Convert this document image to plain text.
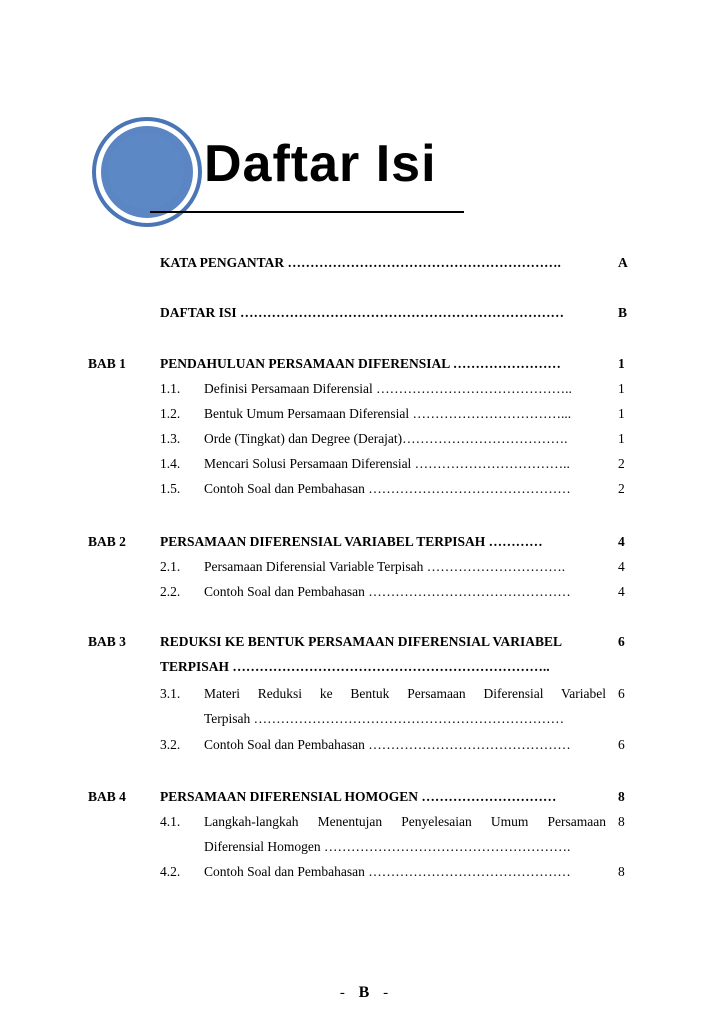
Daftar Isi
KATA PENGANTAR …………………………………………………….	A
DAFTAR ISI ………………………………………………………………	B
BAB 1	PENDAHULUAN PERSAMAAN DIFERENSIAL ……………………	1
1.1. Definisi Persamaan Diferensial ……………………………………..	1
1.2. Bentuk Umum Persamaan Diferensial ……………………………...	1
1.3. Orde (Tingkat) dan Degree (Derajat)……………………………….	1
1.4. Mencari Solusi Persamaan Diferensial ……………………………..	2
1.5. Contoh Soal dan Pembahasan ………………………………………	2
BAB 2	PERSAMAAN DIFERENSIAL VARIABEL TERPISAH …………	4
2.1. Persamaan Diferensial Variable Terpisah ………………………….	4
2.2. Contoh Soal dan Pembahasan ………………………………………	4
BAB 3	REDUKSI KE BENTUK PERSAMAAN DIFERENSIAL VARIABEL	6
TERPISAH ……………………………………………………………..
3.1. Materi Reduksi ke Bentuk Persamaan Diferensial Variabel 6
Terpisah ……………………………………………………………
3.2. Contoh Soal dan Pembahasan ………………………………………	6
BAB 4	PERSAMAAN DIFERENSIAL HOMOGEN …………………………	8
4.1. Langkah-langkah Menentujan Penyelesaian Umum Persamaan 8
Diferensial Homogen ……………………………………………….
4.2. Contoh Soal dan Pembahasan ………………………………………	8
- B -
